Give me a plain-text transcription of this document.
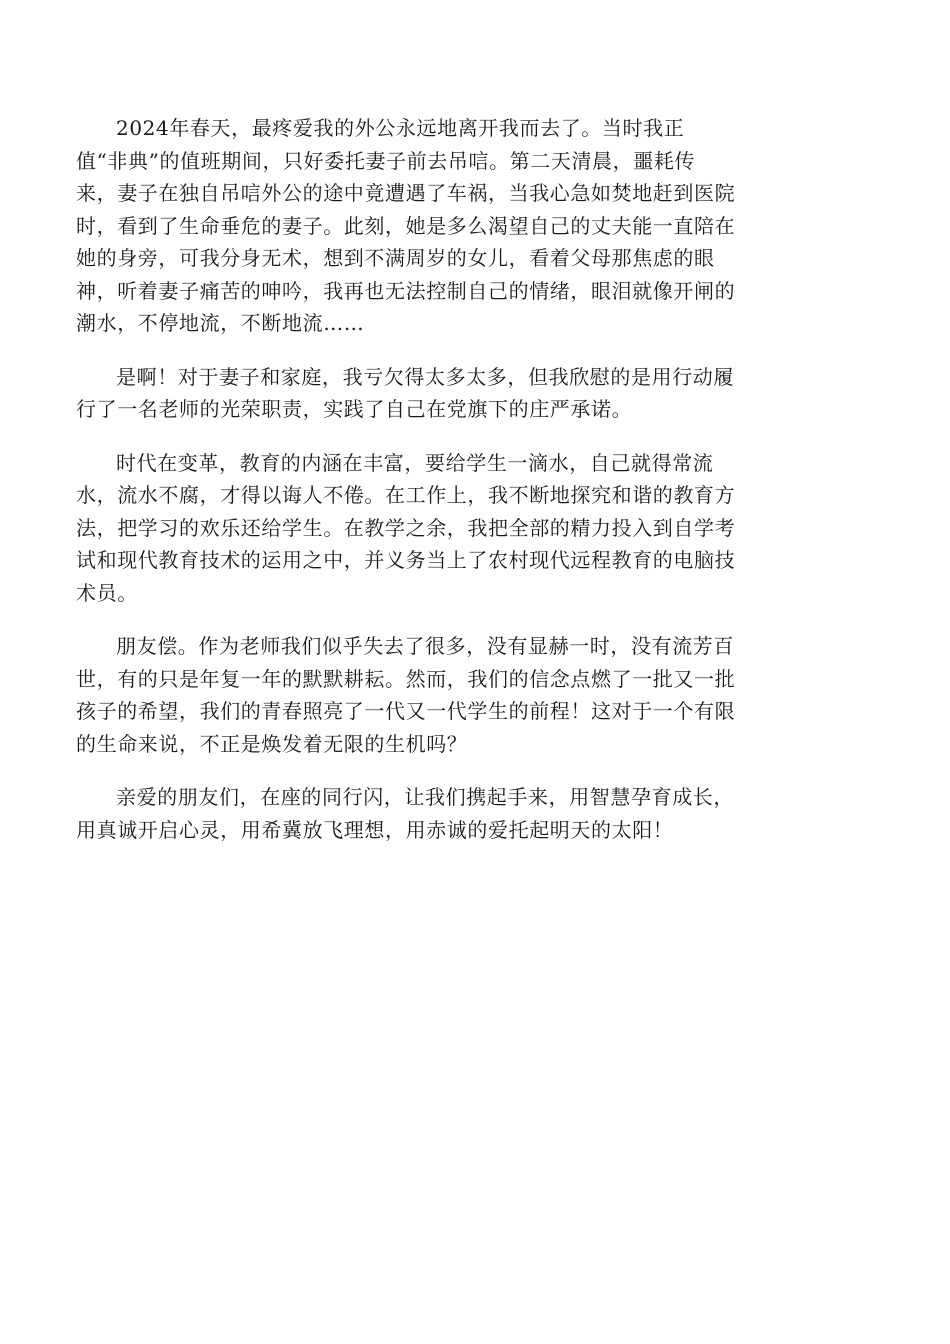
2024年春天，最疼爱我的外公永远地离开我而去了。当时我正
值“非典”的值班期间，只好委托妻子前去吊唁。第二天清晨，噩耗传
来，妻子在独自吊唁外公的途中竟遭遇了车祸，当我心急如焚地赶到医院
时，看到了生命垂危的妻子。此刻，她是多么渴望自己的丈夫能一直陪在
她的身旁，可我分身无术，想到不满周岁的女儿，看着父母那焦虑的眼
神，听着妻子痛苦的呻吟，我再也无法控制自己的情绪，眼泪就像开闸的
潮水，不停地流，不断地流……

是啊！对于妻子和家庭，我亏欠得太多太多，但我欣慰的是用行动履
行了一名老师的光荣职责，实践了自己在党旗下的庄严承诺。

时代在变革，教育的内涵在丰富，要给学生一滴水，自己就得常流
水，流水不腐，才得以诲人不倦。在工作上，我不断地探究和谐的教育方
法，把学习的欢乐还给学生。在教学之余，我把全部的精力投入到自学考
试和现代教育技术的运用之中，并义务当上了农村现代远程教育的电脑技
术员。

朋友偿。作为老师我们似乎失去了很多，没有显赫一时，没有流芳百
世，有的只是年复一年的默默耕耘。然而，我们的信念点燃了一批又一批
孩子的希望，我们的青春照亮了一代又一代学生的前程！这对于一个有限
的生命来说，不正是焕发着无限的生机吗？

亲爱的朋友们，在座的同行闪，让我们携起手来，用智慧孕育成长，
用真诚开启心灵，用希冀放飞理想，用赤诚的爱托起明天的太阳！
